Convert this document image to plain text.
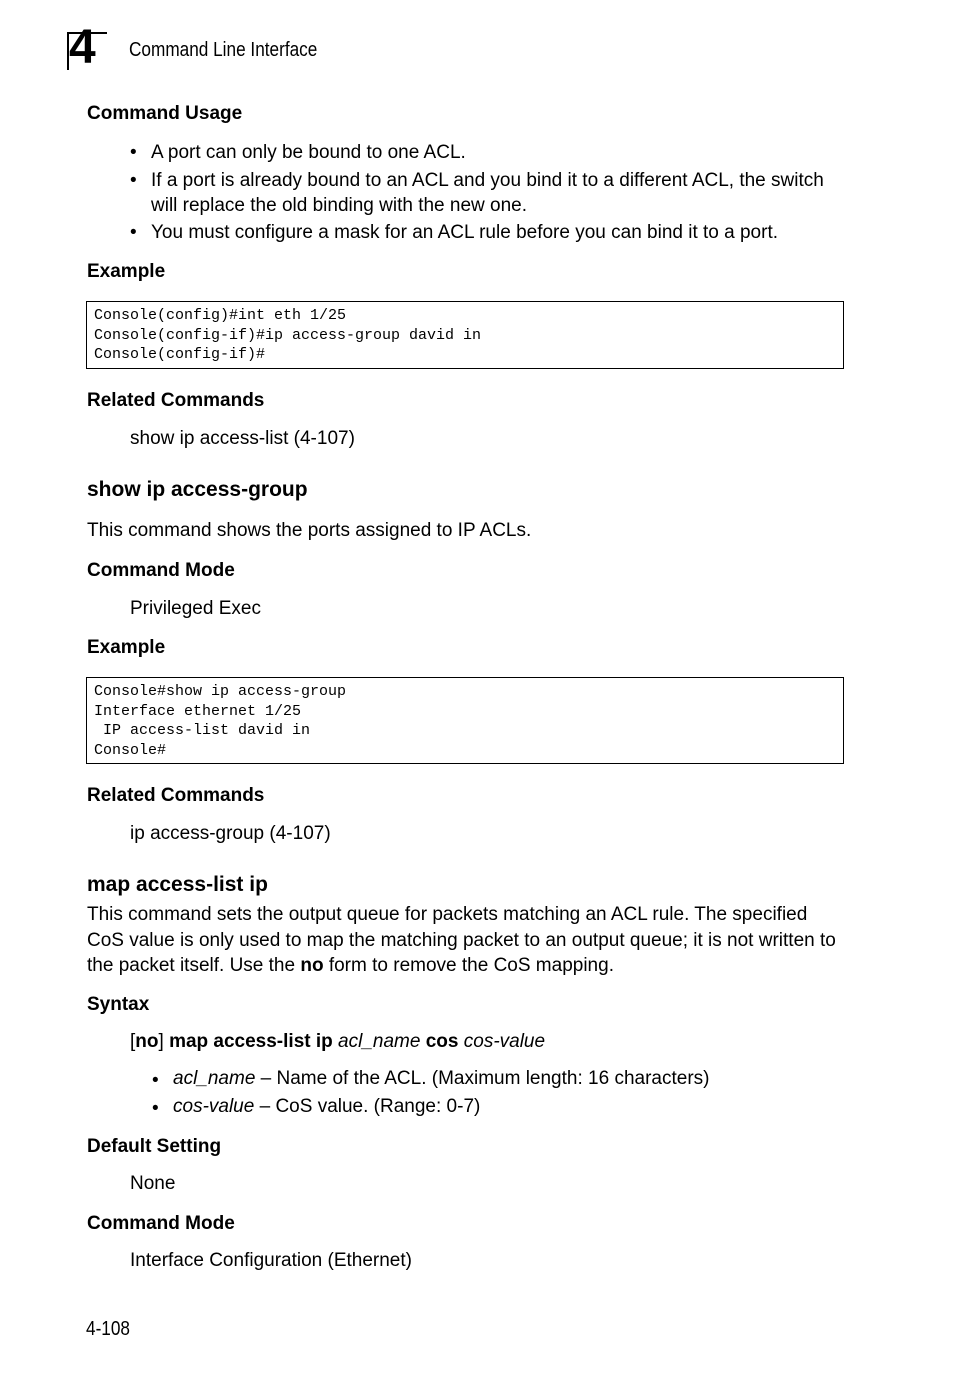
4 Command Line Interface
Command Usage
• A port can only be bound to one ACL.
• If a port is already bound to an ACL and you bind it to a different ACL, the switch will replace the old binding with the new one.
• You must configure a mask for an ACL rule before you can bind it to a port.
Example
Console(config)#int eth 1/25
Console(config-if)#ip access-group david in
Console(config-if)#
Related Commands
show ip access-list (4-107)
show ip access-group
This command shows the ports assigned to IP ACLs.
Command Mode
Privileged Exec
Example
Console#show ip access-group
Interface ethernet 1/25
IP access-list david in
Console#
Related Commands
ip access-group (4-107)
map access-list ip
This command sets the output queue for packets matching an ACL rule. The specified CoS value is only used to map the matching packet to an output queue; it is not written to the packet itself. Use the no form to remove the CoS mapping.
Syntax
[no] map access-list ip acl_name cos cos-value
• acl_name – Name of the ACL. (Maximum length: 16 characters)
• cos-value – CoS value. (Range: 0-7)
Default Setting
None
Command Mode
Interface Configuration (Ethernet)
4-108
